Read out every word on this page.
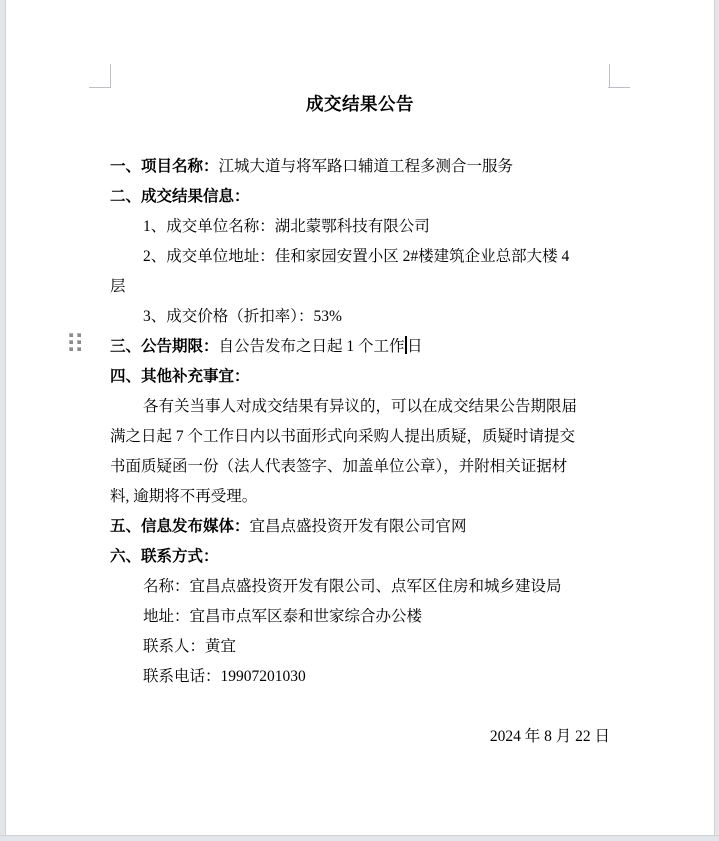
成交结果公告
一、项目名称：江城大道与将军路口辅道工程多测合一服务
二、成交结果信息：
1、成交单位名称：湖北蒙鄂科技有限公司
2、成交单位地址：佳和家园安置小区 2#楼建筑企业总部大楼 4
层
3、成交价格（折扣率）：53%
三、公告期限：自公告发布之日起 1 个工作 日
四、其他补充事宜：
各有关当事人对成交结果有异议的，可以在成交结果公告期限届
满之日起 7 个工作日内以书面形式向采购人提出质疑，质疑时请提交
书面质疑函一份（法人代表签字、加盖单位公章），并附相关证据材
料, 逾期将不再受理。
五、信息发布媒体：宜昌点盛投资开发有限公司官网
六、联系方式：
名称：宜昌点盛投资开发有限公司、点军区住房和城乡建设局
地址：宜昌市点军区泰和世家综合办公楼
联系人：黄宜
联系电话：19907201030
2024 年 8 月 22 日
